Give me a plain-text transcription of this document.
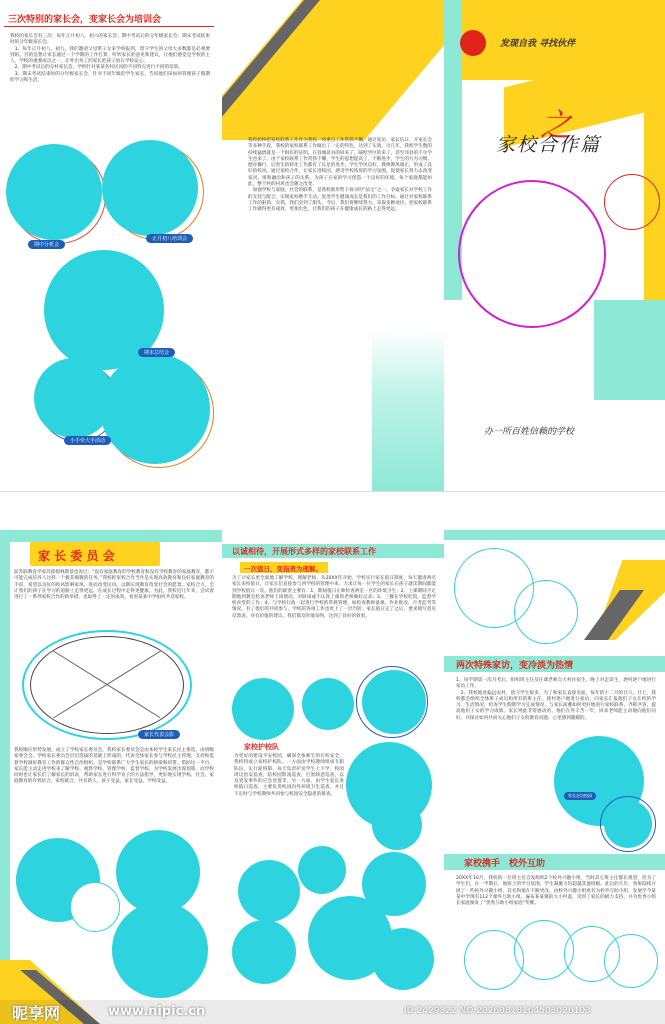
三次特别的家长会，变家长会为培训会
我校的家长会有三次：每年正月初八、初六的家长会；期中考试后的分年级家长会；期末考试结束时的分年级家长会。
　1、每年正月初八、初九，我们邀请父母带子女来学校报到，留守学生的父母大多数都是必须要到的。目的是想让家长通过一个学期的工作打算，听听家长的意见和建议，让他们感觉是学校的主人，学校的重要成员之一，让外出务工的家长把孩子放在学校安心。
　2、期中考试后的分村家长会，学校针对某某各村民风的不同特点进行不同的培训。
　3、期末考试结束时的分年级家长会，针对不同年级的学生家长，告诉他们该如何管理孩子假期的学习和生活。
期中分析会
正月初八培训会
期末总结会
小手牵大手活动
我校始终把家校联系工作作为我校一项重点工作常抓不懈，通过家访、家长信日、开家长会等多种手段，我校的家校联系工作做出了一定的特色，达到了实效。这几年，我校学生数的持续猛增就是一个很好的证明。在县城读书的回来了，隔壁学区的来了，甚至邻县的不少学生也来了。由于家校联系工作常抓不懈，学生的思想提高了，不断进步，学生的行为习惯、德育操行，后进生的转化工作都有了长足的进步。学生学风良好，教师教风端正，形成了良好的校风。通过家校合作，让家长进校园，感受学校浓厚的学习氛围，促使家长努力去改变家风，缓和融洽和孩子的关系，为孩子在家的学习创造一个良好的环境。每个家庭都能如此，整个村的村风也会随之改变。
　加强学校与家庭、社会的联系，是我校新形势下探寻的“法宝”之一。争取家长对学校工作的支持与配合，实现家校携手互动，促进学生健康成长是我们的工作目标。通过对家校联系工作的狠抓、实抓，我们尝到了甜头，今后，我们将继续努力，采取多种途径，把家校联系工作做得更有成效，更加出色，让我们的孩子在健康成长的路上走得更远。
发现自我 寻找伙伴
之
家校合作篇
办一所百姓信赖的学校
家 长 委 员 会
前苏联教育学家苏霍姆林斯基也说过：“没有家庭教育的学校教育和没有学校教育的家庭教育，都不可能完成培养人这样一个极其细微的任务。”我校把家校合作当作是实现高效教育和良好家庭教育的手段，希望以良好的校风影响家风，进而改变民风，以期实现教育改变社会的愿景。家校合力，会让我们的孩子在学习的道路上走得更远。在成长过程中走得更健康。为此，我校近几年来，尝试着进行了一系列家校合作的新举措，也取得了一定的成效。看看某某中学如何共话家校。
家长代表会影
我校顺应形势发展，成立了学校家长委员会。我校家长委员会是由本校学生家长民主推选，由班级家委会会、学校家长委员会层层选拔的基础上形成的，代表全体家长参与学校民主管理，支持和监督学校做好教育工作的群众性自治组织，是学校联系广大学生家长的桥梁和纽带。借助这一平台，家长能主动走进学校来了解学校、观察学校、管理学校、监督学校，为学校发展出谋划策，而学校同时也让家长们了解家长的诉求，帮助家长进行科学育子的方法指导，更好地实现学校、社会、家庭教育的有机结合，家校联合，共育新人，孩子受益，家长受益，学校受益。
以诚相待，开展形式多样的家校联系工作
一次值日，变指责为理解。
为了让家长更全面地了解学校，理解老师，从20XX年开始，学校实行家长值日制度，每天邀请两名家长来校值日，让家长们直接参与到学校的管理中来。力求让每一位学生的家长在孩子就读期间都能到学校值日一次。他们的职责主要有：1、期间值日正师检查两室一区的环境卫生；2、上课期间不定期地到教室检查老师上岗情况，对缺岗或不认真上课的老师做好记录；3、三餐在学校吃饭，监督学校食堂的工作；4、与学校行政一起进行学校的常规管理，如检查教师备课、作业批改、月考监考等情况。有了他们的共同参与，学校的各项工作也更上了一层台阶。家长值日完了之后，要求填写意见反馈表，对有价值的建议，我们都及时地采纳，达到了良好的效果。
家校护校队
为更好的建设平安校园，确保全体师生的在校安全，我校特成立家校护校队。一方面由学校教师组成专职队伍，实行轮班制，每天负责护送学生上下学，校园周边治安巡查，防校园欺凌巡查，打黑除恶巡查，以及突发事件的应急处置等。另一方面，由学生家长进校值日巡查，主要负责校园内外环境卫生巡查，并且不定时与学校教师共同参与校园安全隐患的排查。
两次特殊家访，变冷淡为热情
1、每学期第一次月考后，组织班主任及任课老师自大村住宿生、晚上对走读生，逐村逐户地进行家访工作。
　2、我校地处偏远农村，留守学生很多，为了和家长直接见面，每年的十二月的廿六、廿七，我校都会组织全体班子成员和所有的班主任，逐村逐户地进行家访。向家长汇报他们子女在校的学习、生活情况，检查学生假期学习完成情况，与家长面叠如何更好地进行家校联系，齐抓共管，提高他们子女的学习成绩。家长则此非常感动的，他们在外辛苦一年，回来老师能主动地向他们问好，并探讨如何共同关心他们子女的教育问题，心里感到暖暖的。
家长走访校园
家校携手　校外互助
20XX年10月，我校的一位班主任自发组织2个校外兴趣小组，当时其它班主任都在观望，但为了学生们，在一学期后，他班上的学习氛围、学生凝聚力均超越其他班级。此后的几年，各班陆续开展了一些校外兴趣小组，其名和他在不断更改，由校外兴趣小组更名为校外互助小组，发展至今某某中学现有112个课外互助小组，遍布某某镇的大小村落，受到了家长的极力支持，并为优秀小组长家庭颁发了“优秀互助小组家庭”奖牌。
昵享网	www.nipic.cn	ID:2429322 NO:20260818164503026103
